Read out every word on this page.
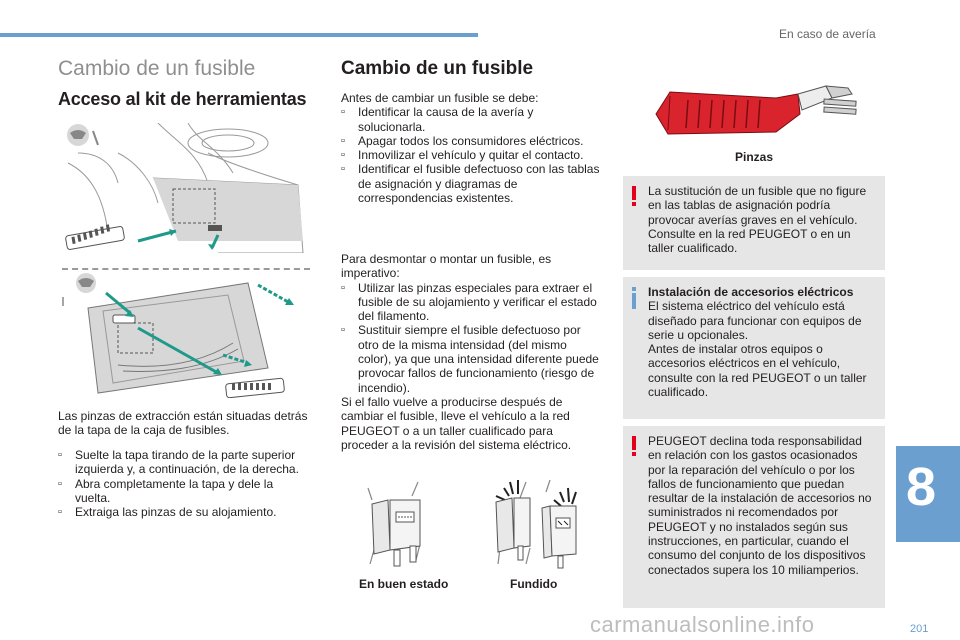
En caso de avería
Cambio de un fusible
Acceso al kit de herramientas
Las pinzas de extracción están situadas detrás de la tapa de la caja de fusibles.
▫ Suelte la tapa tirando de la parte superior izquierda y, a continuación, de la derecha.
▫ Abra completamente la tapa y dele la vuelta.
▫ Extraiga las pinzas de su alojamiento.
Cambio de un fusible
Antes de cambiar un fusible se debe:
▫ Identificar la causa de la avería y solucionarla.
▫ Apagar todos los consumidores eléctricos.
▫ Inmovilizar el vehículo y quitar el contacto.
▫ Identificar el fusible defectuoso con las tablas de asignación y diagramas de correspondencias existentes.
Para desmontar o montar un fusible, es imperativo:
▫ Utilizar las pinzas especiales para extraer el fusible de su alojamiento y verificar el estado del filamento.
▫ Sustituir siempre el fusible defectuoso por otro de la misma intensidad (del mismo color), ya que una intensidad diferente puede provocar fallos de funcionamiento (riesgo de incendio).
Si el fallo vuelve a producirse después de cambiar el fusible, lleve el vehículo a la red PEUGEOT o a un taller cualificado para proceder a la revisión del sistema eléctrico.
En buen estado	Fundido
Pinzas
La sustitución de un fusible que no figure en las tablas de asignación podría provocar averías graves en el vehículo. Consulte en la red PEUGEOT o en un taller cualificado.
Instalación de accesorios eléctricos
El sistema eléctrico del vehículo está diseñado para funcionar con equipos de serie u opcionales.
Antes de instalar otros equipos o accesorios eléctricos en el vehículo, consulte con la red PEUGEOT o un taller cualificado.
PEUGEOT declina toda responsabilidad en relación con los gastos ocasionados por la reparación del vehículo o por los fallos de funcionamiento que puedan resultar de la instalación de accesorios no suministrados ni recomendados por PEUGEOT y no instalados según sus instrucciones, en particular, cuando el consumo del conjunto de los dispositivos conectados supera los 10 miliamperios.
8
carmanualsonline.info	201
